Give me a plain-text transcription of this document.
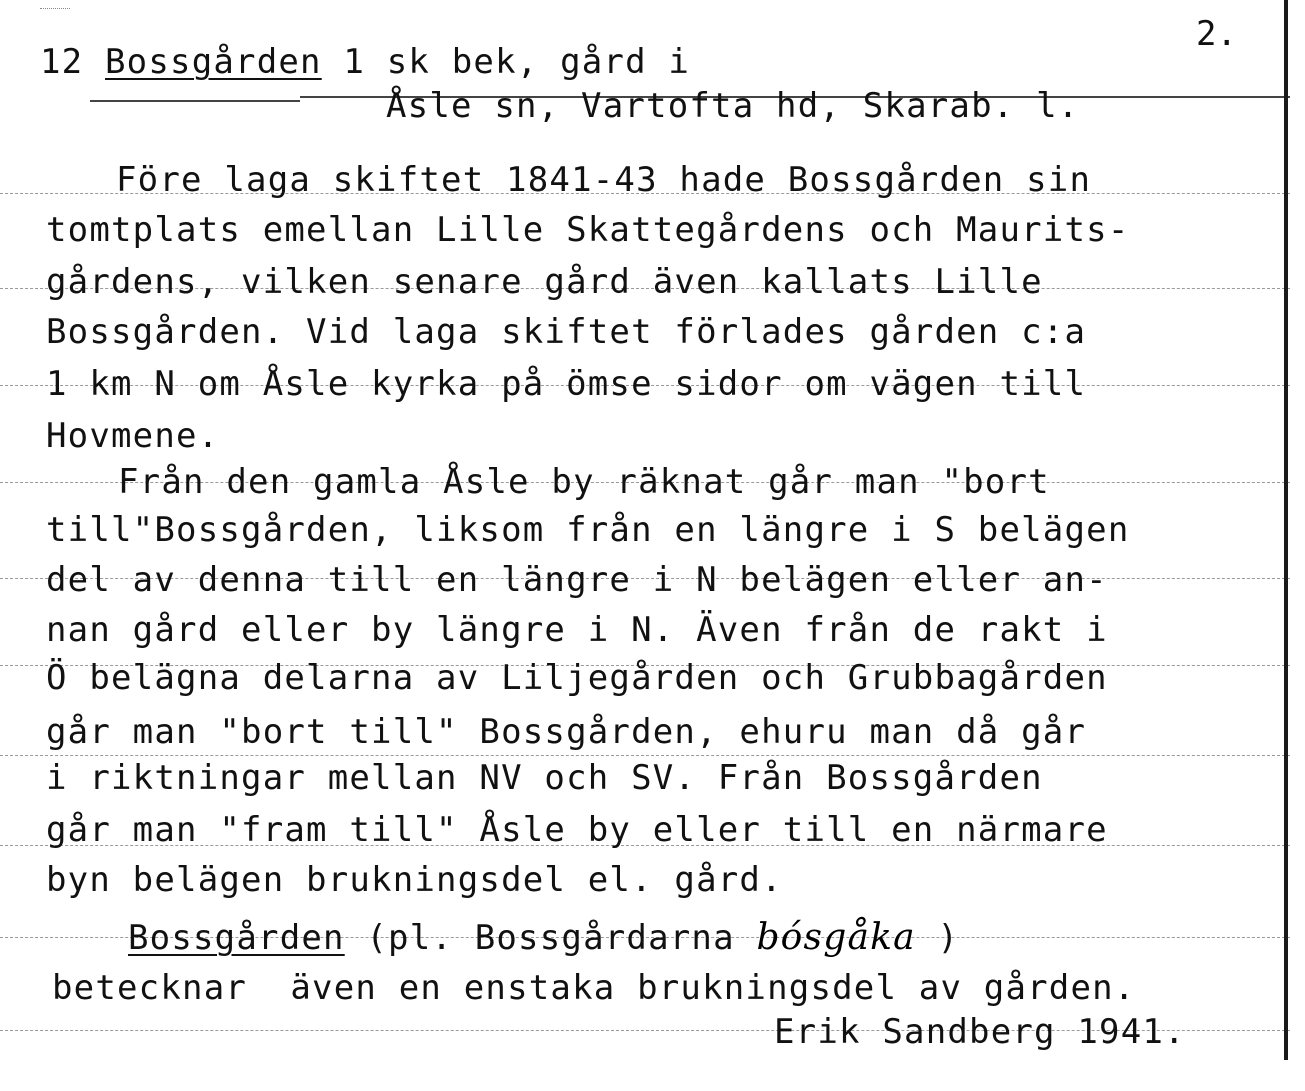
2.
12 Bossgården 1 sk bek, gård i
Åsle sn, Vartofta hd, Skarab. l.
Före laga skiftet 1841-43 hade Bossgården sin
tomtplats emellan Lille Skattegårdens och Maurits-
gårdens, vilken senare gård även kallats Lille
Bossgården. Vid laga skiftet förlades gården c:a
1 km N om Åsle kyrka på ömse sidor om vägen till
Hovmene.
Från den gamla Åsle by räknat går man "bort
till"Bossgården, liksom från en längre i S belägen
del av denna till en längre i N belägen eller an-
nan gård eller by längre i N. Även från de rakt i
Ö belägna delarna av Liljegården och Grubbagården
går man "bort till" Bossgården, ehuru man då går
i riktningar mellan NV och SV. Från Bossgården
går man "fram till" Åsle by eller till en närmare
byn belägen brukningsdel el. gård.
Bossgården (pl. Bossgårdarna bósgåka )
betecknar  även en enstaka brukningsdel av gården.
Erik Sandberg 1941.
